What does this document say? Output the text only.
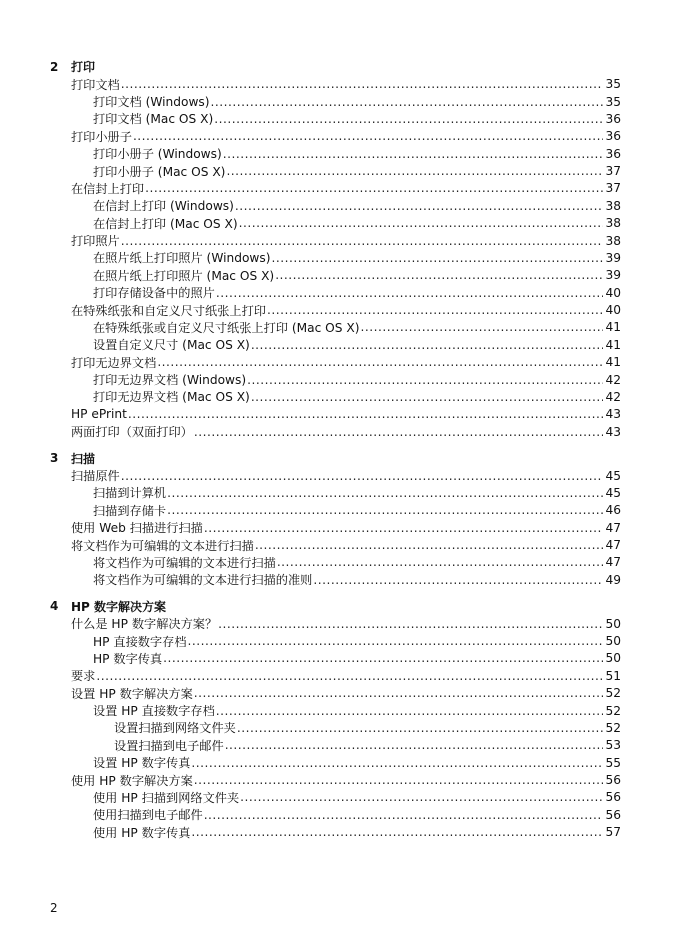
2	打印
打印文档 .....	35
打印文档 (Windows) .....	35
打印文档 (Mac OS X) .....	36
打印小册子 .....	36
打印小册子 (Windows) .....	36
打印小册子 (Mac OS X) .....	37
在信封上打印 .....	37
在信封上打印 (Windows) .....	38
在信封上打印 (Mac OS X) .....	38
打印照片 .....	38
在照片纸上打印照片 (Windows) .....	39
在照片纸上打印照片 (Mac OS X) .....	39
打印存储设备中的照片 .....	40
在特殊纸张和自定义尺寸纸张上打印 .....	40
在特殊纸张或自定义尺寸纸张上打印 (Mac OS X) .....	41
设置自定义尺寸 (Mac OS X) .....	41
打印无边界文档 .....	41
打印无边界文档 (Windows) .....	42
打印无边界文档 (Mac OS X) .....	42
HP ePrint .....	43
两面打印（双面打印） .....	43
3	扫描
扫描原件 .....	45
扫描到计算机 .....	45
扫描到存储卡 .....	46
使用 Web 扫描进行扫描 .....	47
将文档作为可编辑的文本进行扫描 .....	47
将文档作为可编辑的文本进行扫描 .....	47
将文档作为可编辑的文本进行扫描的准则 .....	49
4	HP 数字解决方案
什么是 HP 数字解决方案？ .....	50
HP 直接数字存档 .....	50
HP 数字传真 .....	50
要求 .....	51
设置 HP 数字解决方案 .....	52
设置 HP 直接数字存档 .....	52
设置扫描到网络文件夹 .....	52
设置扫描到电子邮件 .....	53
设置 HP 数字传真 .....	55
使用 HP 数字解决方案 .....	56
使用 HP 扫描到网络文件夹 .....	56
使用扫描到电子邮件 .....	56
使用 HP 数字传真 .....	57
2
